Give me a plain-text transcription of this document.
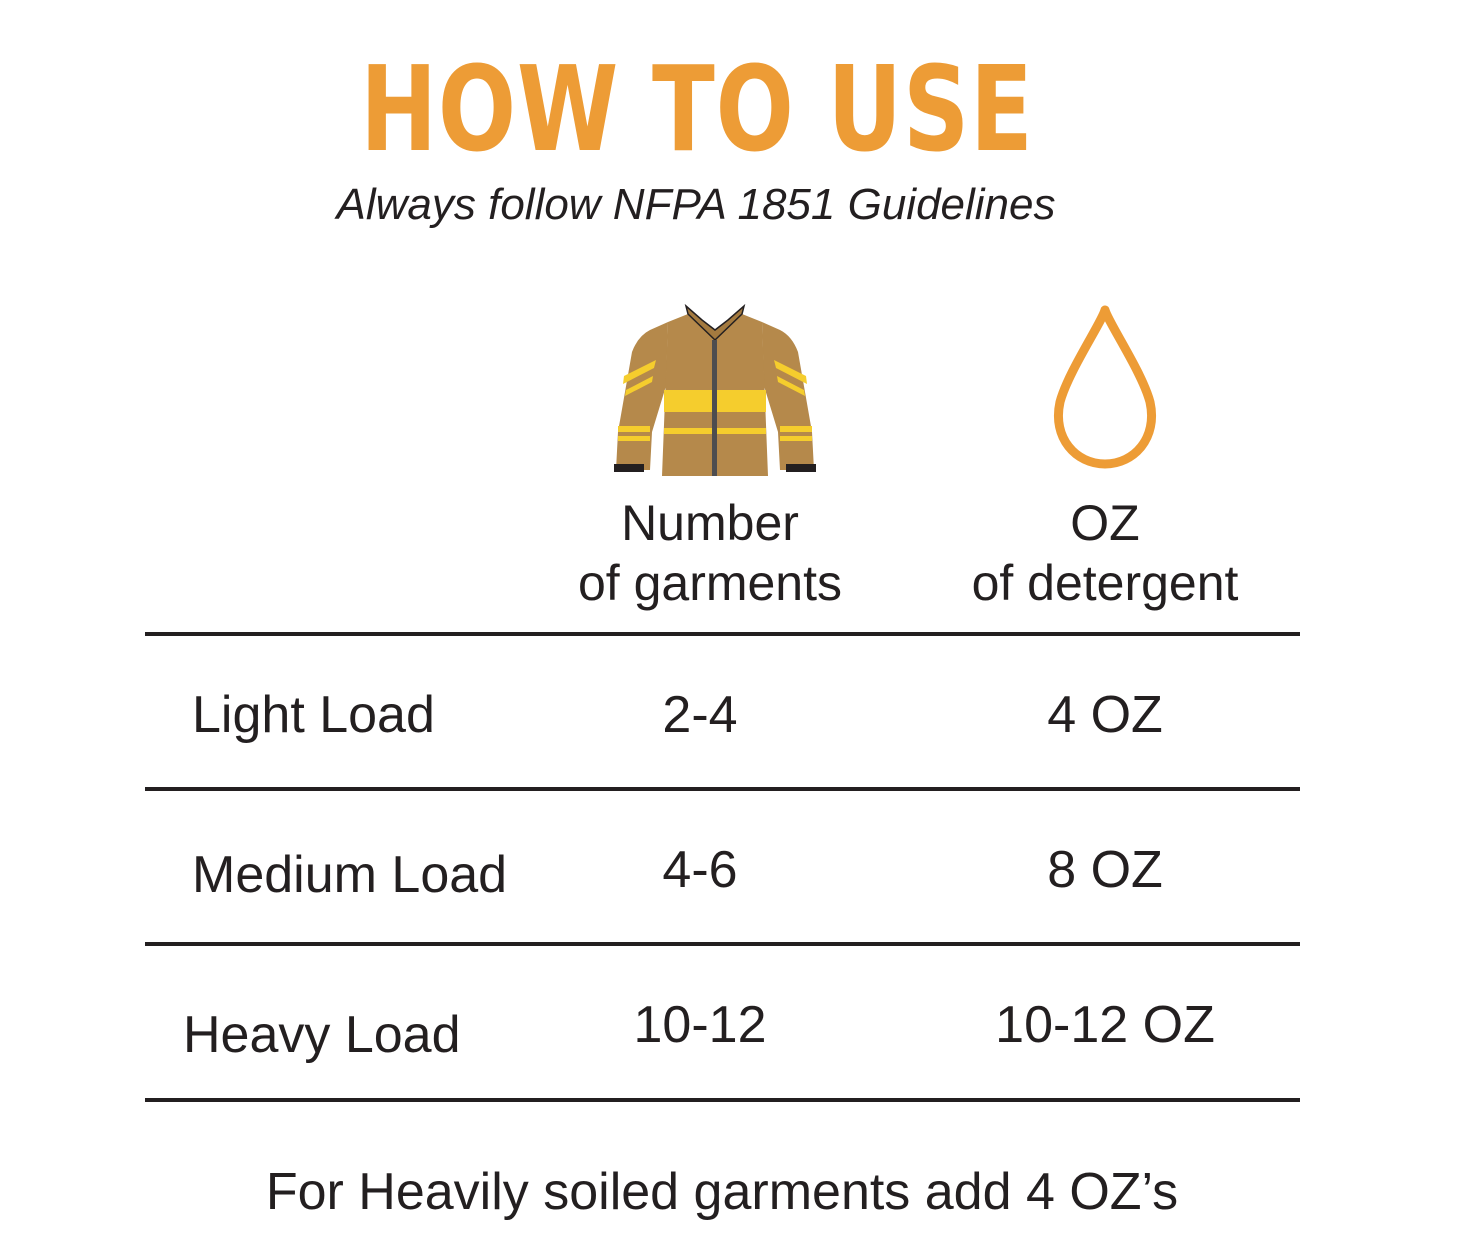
HOW TO USE
Always follow NFPA 1851 Guidelines
Number
of garments
OZ
of detergent
Light Load	2-4	4 OZ
Medium Load	4-6	8 OZ
Heavy Load	10-12	10-12 OZ
For Heavily soiled garments add 4 OZ’s
